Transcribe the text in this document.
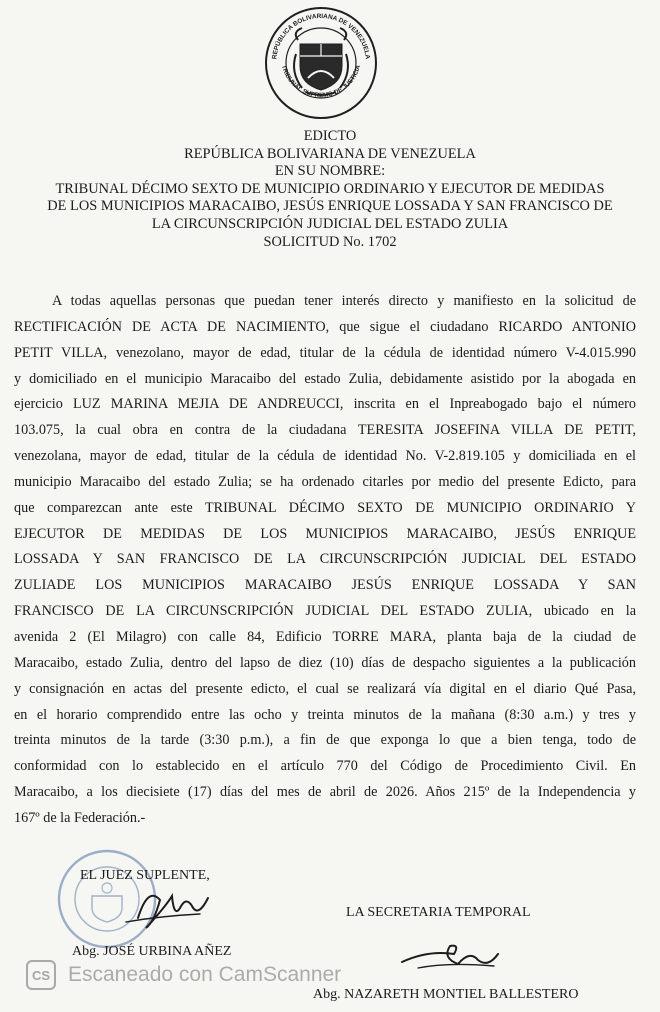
REPÚBLICA BOLIVARIANA DE VENEZUELA
TRIBUNAL SUPREMO DE JUSTICIA
EDICTO
REPÚBLICA BOLIVARIANA DE VENEZUELA
EN SU NOMBRE:
TRIBUNAL DÉCIMO SEXTO DE MUNICIPIO ORDINARIO Y EJECUTOR DE MEDIDAS
DE LOS MUNICIPIOS MARACAIBO, JESÚS ENRIQUE LOSSADA Y SAN FRANCISCO DE
LA CIRCUNSCRIPCIÓN JUDICIAL DEL ESTADO ZULIA
SOLICITUD No. 1702
A todas aquellas personas que puedan tener interés directo y manifiesto en la solicitud de
RECTIFICACIÓN DE ACTA DE NACIMIENTO, que sigue el ciudadano RICARDO ANTONIO
PETIT VILLA, venezolano, mayor de edad, titular de la cédula de identidad número V-4.015.990
y domiciliado en el municipio Maracaibo del estado Zulia, debidamente asistido por la abogada en
ejercicio LUZ MARINA MEJIA DE ANDREUCCI, inscrita en el Inpreabogado bajo el número
103.075, la cual obra en contra de la ciudadana TERESITA JOSEFINA VILLA DE PETIT,
venezolana, mayor de edad, titular de la cédula de identidad No. V-2.819.105 y domiciliada en el
municipio Maracaibo del estado Zulia; se ha ordenado citarles por medio del presente Edicto, para
que comparezcan ante este TRIBUNAL DÉCIMO SEXTO DE MUNICIPIO ORDINARIO Y
EJECUTOR DE MEDIDAS DE LOS MUNICIPIOS MARACAIBO, JESÚS ENRIQUE
LOSSADA Y SAN FRANCISCO DE LA CIRCUNSCRIPCIÓN JUDICIAL DEL ESTADO
ZULIADE LOS MUNICIPIOS MARACAIBO JESÚS ENRIQUE LOSSADA Y SAN
FRANCISCO DE LA CIRCUNSCRIPCIÓN JUDICIAL DEL ESTADO ZULIA, ubicado en la
avenida 2 (El Milagro) con calle 84, Edificio TORRE MARA, planta baja de la ciudad de
Maracaibo, estado Zulia, dentro del lapso de diez (10) días de despacho siguientes a la publicación
y consignación en actas del presente edicto, el cual se realizará vía digital en el diario Qué Pasa,
en el horario comprendido entre las ocho y treinta minutos de la mañana (8:30 a.m.) y tres y
treinta minutos de la tarde (3:30 p.m.), a fin de que exponga lo que a bien tenga, todo de
conformidad con lo establecido en el artículo 770 del Código de Procedimiento Civil. En
Maracaibo, a los diecisiete (17) días del mes de abril de 2026. Años 215º de la Independencia y
167º de la Federación.-
EL JUEZ SUPLENTE,
Abg. JOSÉ URBINA AÑEZ
LA SECRETARIA TEMPORAL
Abg. NAZARETH MONTIEL BALLESTERO
CS Escaneado con CamScanner
